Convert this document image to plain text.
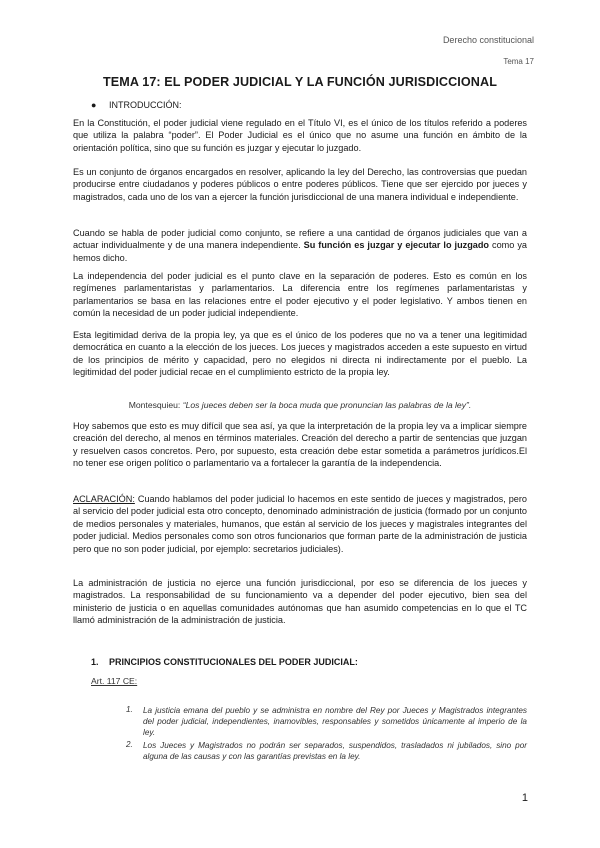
Derecho constitucional
Tema 17
TEMA 17: EL PODER JUDICIAL Y LA FUNCIÓN JURISDICCIONAL
● INTRODUCCIÓN:

En la Constitución, el poder judicial viene regulado en el Título VI, es el único de los títulos referido a poderes que utiliza la palabra “poder”. El Poder Judicial es el único que no asume una función en ámbito de la orientación política, sino que su función es juzgar y ejecutar lo juzgado.

Es un conjunto de órganos encargados en resolver, aplicando la ley del Derecho, las controversias que puedan producirse entre ciudadanos y poderes públicos o entre poderes públicos. Tiene que ser ejercido por jueces y magistrados, cada uno de los van a ejercer la función jurisdiccional de una manera individual e independiente.

Cuando se habla de poder judicial como conjunto, se refiere a una cantidad de órganos judiciales que van a actuar individualmente y de una manera independiente. Su función es juzgar y ejecutar lo juzgado como ya hemos dicho.

La independencia del poder judicial es el punto clave en la separación de poderes. Esto es común en los regímenes parlamentaristas y parlamentarios. La diferencia entre los regímenes parlamentaristas y parlamentarios se basa en las relaciones entre el poder ejecutivo y el poder legislativo. Y ambos tienen en común la necesidad de un poder judicial independiente.

Esta legitimidad deriva de la propia ley, ya que es el único de los poderes que no va a tener una legitimidad democrática en cuanto a la elección de los jueces. Los jueces y magistrados acceden a este supuesto en virtud de los principios de mérito y capacidad, pero no elegidos ni directa ni indirectamente por el pueblo. La legitimidad del poder judicial recae en el cumplimiento estricto de la propia ley.

Montesquieu: “Los jueces deben ser la boca muda que pronuncian las palabras de la ley”.

Hoy sabemos que esto es muy difícil que sea así, ya que la interpretación de la propia ley va a implicar siempre creación del derecho, al menos en términos materiales. Creación del derecho a partir de sentencias que juzgan y resuelven casos concretos. Pero, por supuesto, esta creación debe estar sometida a parámetros jurídicos.El no tener ese origen político o parlamentario va a fortalecer la garantía de la independencia.

ACLARACIÓN: Cuando hablamos del poder judicial lo hacemos en este sentido de jueces y magistrados, pero al servicio del poder judicial esta otro concepto, denominado administración de justicia (formado por un conjunto de medios personales y materiales, humanos, que están al servicio de los jueces y magistrales integrantes del poder judicial. Medios personales como son otros funcionarios que forman parte de la administración de justicia pero que no son poder judicial, por ejemplo: secretarios judiciales).

La administración de justicia no ejerce una función jurisdiccional, por eso se diferencia de los jueces y magistrados. La responsabilidad de su funcionamiento va a depender del poder ejecutivo, bien sea del ministerio de justicia o en aquellas comunidades autónomas que han asumido competencias en lo que el TC llamó administración de la administración de justicia.

1. PRINCIPIOS CONSTITUCIONALES DEL PODER JUDICIAL:
Art. 117 CE:
1. La justicia emana del pueblo y se administra en nombre del Rey por Jueces y Magistrados integrantes del poder judicial, independientes, inamovibles, responsables y sometidos únicamente al imperio de la ley.
2. Los Jueces y Magistrados no podrán ser separados, suspendidos, trasladados ni jubilados, sino por alguna de las causas y con las garantías previstas en la ley.
1
